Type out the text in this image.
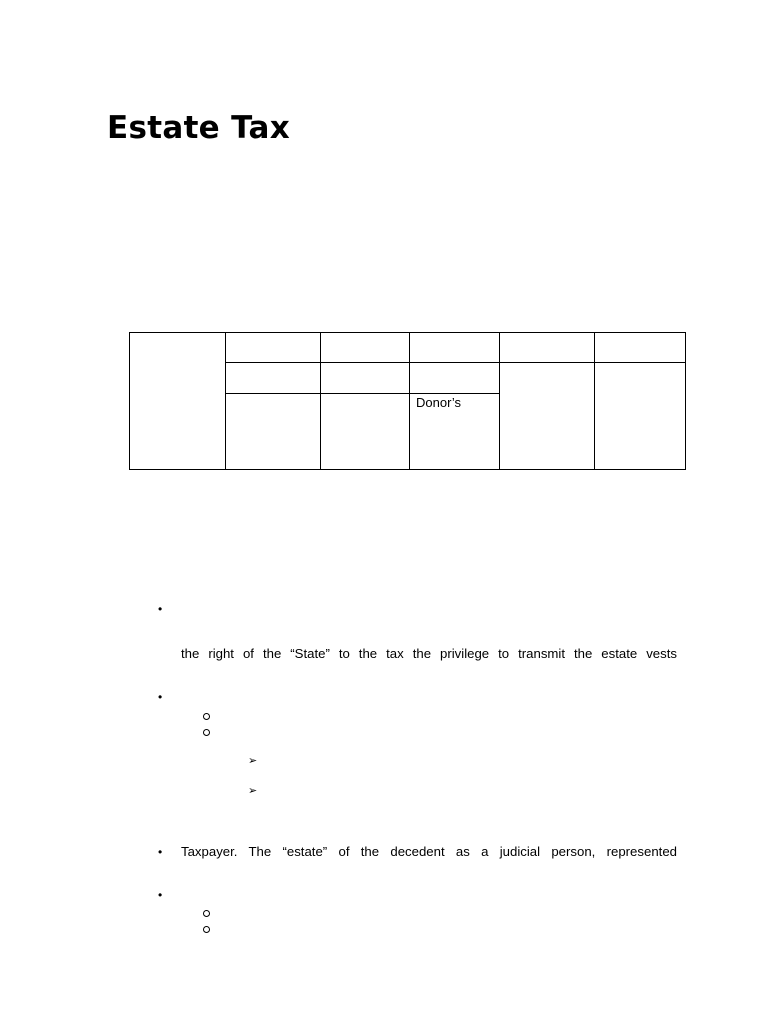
Estate Tax

			Donor’s		
•
the right of the “State” to the tax the privilege to transmit the estate vests
•
➢
➢
• Taxpayer. The “estate” of the decedent as a judicial person, represented
•
